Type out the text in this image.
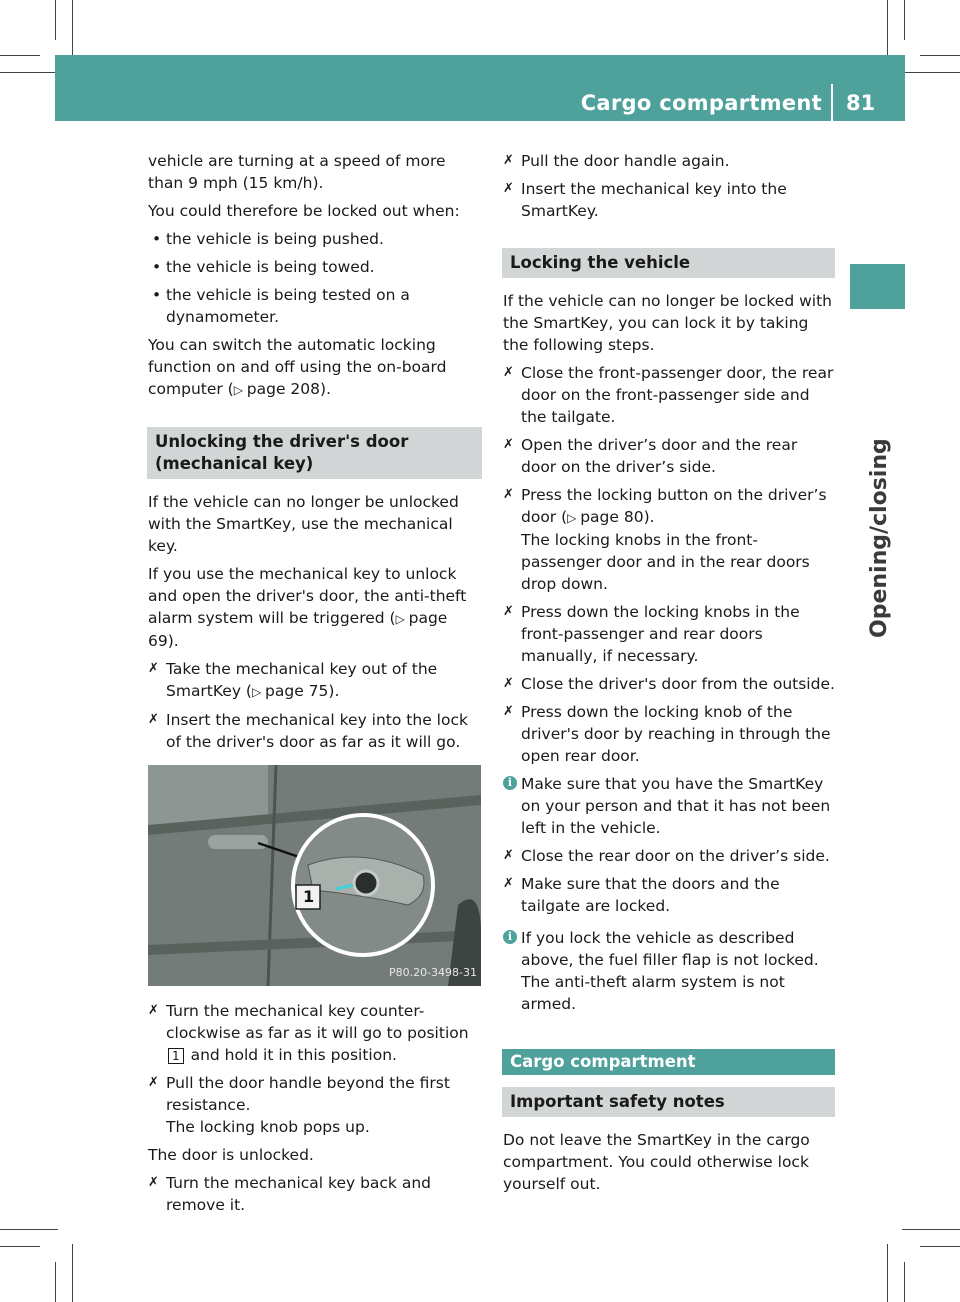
Cargo compartment 81
Opening/closing

vehicle are turning at a speed of more than 9 mph (15 km/h).

You could therefore be locked out when:

• the vehicle is being pushed.
• the vehicle is being towed.
• the vehicle is being tested on a dynamometer.

You can switch the automatic locking function on and off using the on-board computer (▷ page 208).

Unlocking the driver's door (mechanical key)

If the vehicle can no longer be unlocked with the SmartKey, use the mechanical key.

If you use the mechanical key to unlock and open the driver's door, the anti-theft alarm system will be triggered (▷ page 69).

✗ Take the mechanical key out of the SmartKey (▷ page 75).
✗ Insert the mechanical key into the lock of the driver's door as far as it will go.
1
P80.20-3498-31
✗ Turn the mechanical key counter-clockwise as far as it will go to position 1 and hold it in this position.
✗ Pull the door handle beyond the first resistance.
The locking knob pops up.

The door is unlocked.

✗ Turn the mechanical key back and remove it.
✗ Pull the door handle again.
✗ Insert the mechanical key into the SmartKey.
Locking the vehicle

If the vehicle can no longer be locked with the SmartKey, you can lock it by taking the following steps.

✗ Close the front-passenger door, the rear door on the front-passenger side and the tailgate.
✗ Open the driver’s door and the rear door on the driver’s side.
✗ Press the locking button on the driver’s door (▷ page 80).
The locking knobs in the front-passenger door and in the rear doors drop down.
✗ Press down the locking knobs in the front-passenger and rear doors manually, if necessary.
✗ Close the driver's door from the outside.
✗ Press down the locking knob of the driver's door by reaching in through the open rear door.
i Make sure that you have the SmartKey on your person and that it has not been left in the vehicle.
✗ Close the rear door on the driver’s side.
✗ Make sure that the doors and the tailgate are locked.
i If you lock the vehicle as described above, the fuel filler flap is not locked. The anti-theft alarm system is not armed.
Cargo compartment
Important safety notes

Do not leave the SmartKey in the cargo compartment. You could otherwise lock yourself out.
